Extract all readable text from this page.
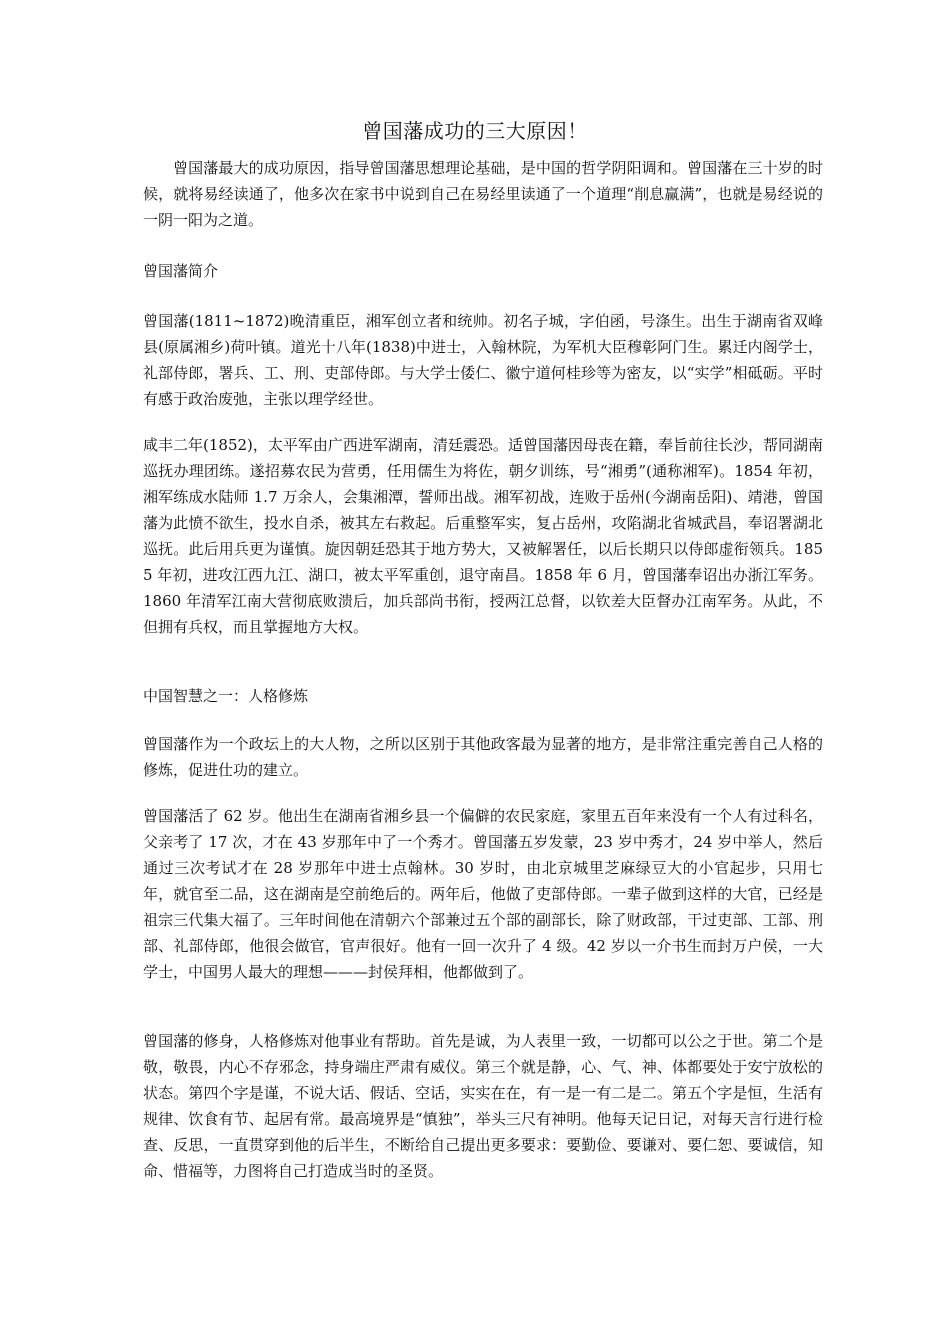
曾国藩成功的三大原因！

曾国藩最大的成功原因，指导曾国藩思想理论基础，是中国的哲学阴阳调和。曾国藩在三十岁的时候，就将易经读通了，他多次在家书中说到自己在易经里读通了一个道理“削息赢满”，也就是易经说的一阴一阳为之道。

曾国藩简介

曾国藩(1811~1872)晚清重臣，湘军创立者和统帅。初名子城，字伯函，号涤生。出生于湖南省双峰县(原属湘乡)荷叶镇。道光十八年(1838)中进士，入翰林院，为军机大臣穆彰阿门生。累迁内阁学士，礼部侍郎，署兵、工、刑、吏部侍郎。与大学士倭仁、徽宁道何桂珍等为密友，以“实学”相砥砺。平时有感于政治废弛，主张以理学经世。

咸丰二年(1852)，太平军由广西进军湖南，清廷震恐。适曾国藩因母丧在籍，奉旨前往长沙，帮同湖南巡抚办理团练。遂招募农民为营勇，任用儒生为将佐，朝夕训练，号“湘勇”(通称湘军)。1854 年初，湘军练成水陆师 1.7 万余人，会集湘潭，誓师出战。湘军初战，连败于岳州(今湖南岳阳)、靖港，曾国藩为此愤不欲生，投水自杀，被其左右救起。后重整军实，复占岳州，攻陷湖北省城武昌，奉诏署湖北巡抚。此后用兵更为谨慎。旋因朝廷恐其于地方势大，又被解署任，以后长期只以侍郎虚衔领兵。1855 年初，进攻江西九江、湖口，被太平军重创，退守南昌。1858 年 6 月，曾国藩奉诏出办浙江军务。1860 年清军江南大营彻底败溃后，加兵部尚书衔，授两江总督，以钦差大臣督办江南军务。从此，不但拥有兵权，而且掌握地方大权。

中国智慧之一：人格修炼

曾国藩作为一个政坛上的大人物，之所以区别于其他政客最为显著的地方，是非常注重完善自己人格的修炼，促进仕功的建立。

曾国藩活了 62 岁。他出生在湖南省湘乡县一个偏僻的农民家庭，家里五百年来没有一个人有过科名，父亲考了 17 次，才在 43 岁那年中了一个秀才。曾国藩五岁发蒙，23 岁中秀才，24 岁中举人，然后通过三次考试才在 28 岁那年中进士点翰林。30 岁时，由北京城里芝麻绿豆大的小官起步，只用七年，就官至二品，这在湖南是空前绝后的。两年后，他做了吏部侍郎。一辈子做到这样的大官，已经是祖宗三代集大福了。三年时间他在清朝六个部兼过五个部的副部长，除了财政部，干过吏部、工部、刑部、礼部侍郎，他很会做官，官声很好。他有一回一次升了 4 级。42 岁以一介书生而封万户侯，一大学士，中国男人最大的理想———封侯拜相，他都做到了。

曾国藩的修身，人格修炼对他事业有帮助。首先是诚，为人表里一致，一切都可以公之于世。第二个是敬，敬畏，内心不存邪念，持身端庄严肃有威仪。第三个就是静，心、气、神、体都要处于安宁放松的状态。第四个字是谨，不说大话、假话、空话，实实在在，有一是一有二是二。第五个字是恒，生活有规律、饮食有节、起居有常。最高境界是“慎独”，举头三尺有神明。他每天记日记，对每天言行进行检查、反思，一直贯穿到他的后半生，不断给自己提出更多要求：要勤俭、要谦对、要仁恕、要诚信，知命、惜福等，力图将自己打造成当时的圣贤。
